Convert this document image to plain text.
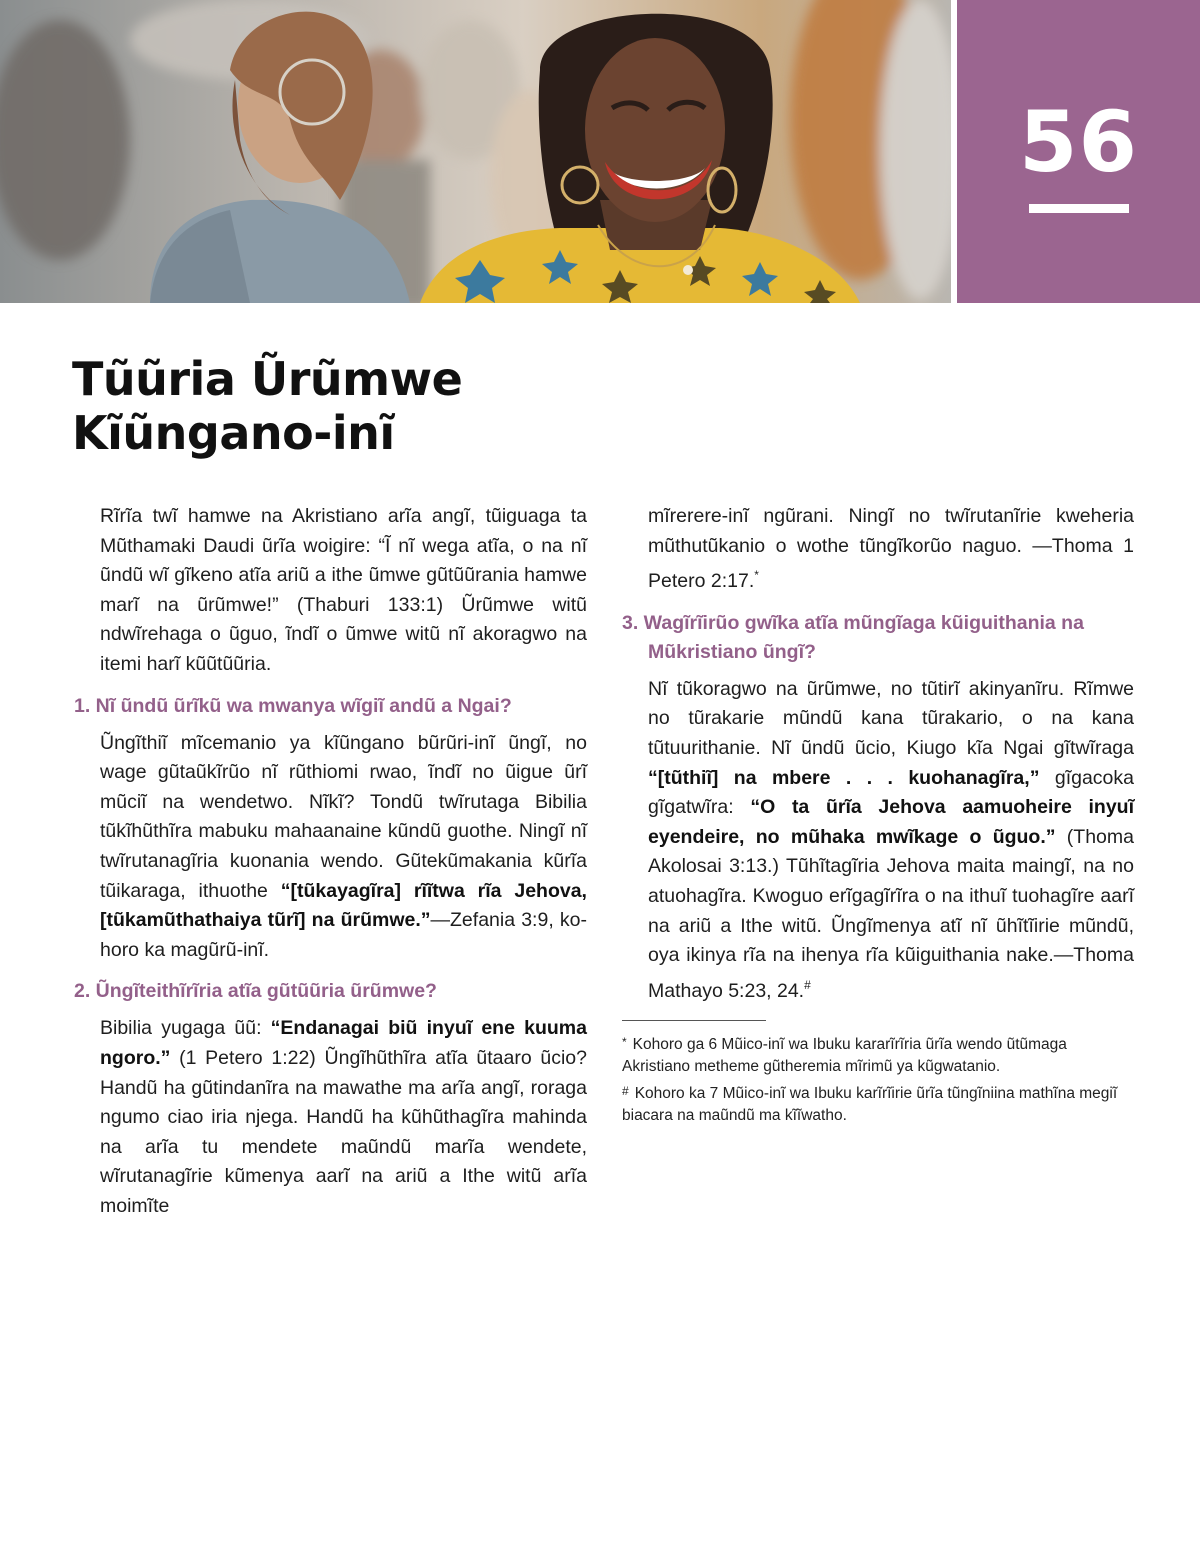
56
Tũũria Ũrũmwe
Kĩũngano-inĩ

Rĩrĩa twĩ hamwe na Akristiano arĩa angĩ, tũiguaga ta Mũthamaki Daudi ũrĩa woigire: “Ĩ nĩ wega atĩa, o na nĩ ũndũ wĩ gĩkeno atĩa ariũ a ithe ũmwe gũtũũrania hamwe marĩ na ũrũmwe!” (Thaburi 133:1) Ũrũmwe witũ ndwĩrehaga o ũguo, ĩndĩ o ũmwe witũ nĩ akoragwo na itemi harĩ kũũtũũria.

1. Nĩ ũndũ ũrĩkũ wa mwanya wĩgiĩ andũ a Ngai?

Ũngĩthiĩ mĩcemanio ya kĩũngano bũrũri-inĩ ũngĩ, no wage gũtaũkĩrũo nĩ rũthiomi rwao, ĩndĩ no ũigue ũrĩ mũciĩ na wendetwo. Nĩkĩ? Tondũ twĩrutaga Bibilia tũkĩhũthĩra mabuku mahaanaine kũndũ guothe. Ningĩ nĩ twĩrutanagĩria kuonania wendo. Gũtekũmakania kũrĩa tũikaraga, ithuothe “[tũkayagĩra] rĩĩtwa rĩa Jehova, [tũkamũthathaiya tũrĩ] na ũrũmwe.”—Zefania 3:9, kohoro ka magũrũ-inĩ.

2. Ũngĩteithĩrĩria atĩa gũtũũria ũrũmwe?

Bibilia yugaga ũũ: “Endanagai biũ inyuĩ ene kuuma ngoro.” (1 Petero 1:22) Ũngĩhũthĩra atĩa ũtaaro ũcio? Handũ ha gũtindanĩra na mawathe ma arĩa angĩ, roraga ngumo ciao iria njega. Handũ ha kũhũthagĩra mahinda na arĩa tu mendete maũndũ marĩa wendete, wĩrutanagĩrie kũmenya aarĩ na ariũ a Ithe witũ arĩa moimĩte

mĩrerere-inĩ ngũrani. Ningĩ no twĩrutanĩrie kweheria mũthutũkanio o wothe tũngĩkorũo naguo. —Thoma 1 Petero 2:17.*

3. Wagĩrĩirũo gwĩka atĩa mũngĩaga kũiguithania na Mũkristiano ũngĩ?

Nĩ tũkoragwo na ũrũmwe, no tũtirĩ akinyanĩru. Rĩmwe no tũrakarie mũndũ kana tũrakario, o na kana tũtuurithanie. Nĩ ũndũ ũcio, Kiugo kĩa Ngai gĩtwĩraga “[tũthiĩ] na mbere . . . kuohanagĩra,” gĩgacoka gĩgatwĩra: “O ta ũrĩa Jehova aamuoheire inyuĩ eyendeire, no mũhaka mwĩkage o ũguo.” (Thoma Akolosai 3:13.) Tũhĩtagĩria Jehova maita maingĩ, na no atuohagĩra. Kwoguo erĩgagĩrĩra o na ithuĩ tuohagĩre aarĩ na ariũ a Ithe witũ. Ũngĩmenya atĩ nĩ ũhĩtĩirie mũndũ, oya ikinya rĩa na ihenya rĩa kũiguithania nake.—Thoma Mathayo 5:23, 24.#

* Kohoro ga 6 Mũico-inĩ wa Ibuku kararĩrĩria ũrĩa wendo ũtũmaga Akristiano metheme gũtheremia mĩrimũ ya kũgwatanio.

# Kohoro ka 7 Mũico-inĩ wa Ibuku karĩrĩirie ũrĩa tũngĩniina mathĩna megiĩ biacara na maũndũ ma kĩĩwatho.
